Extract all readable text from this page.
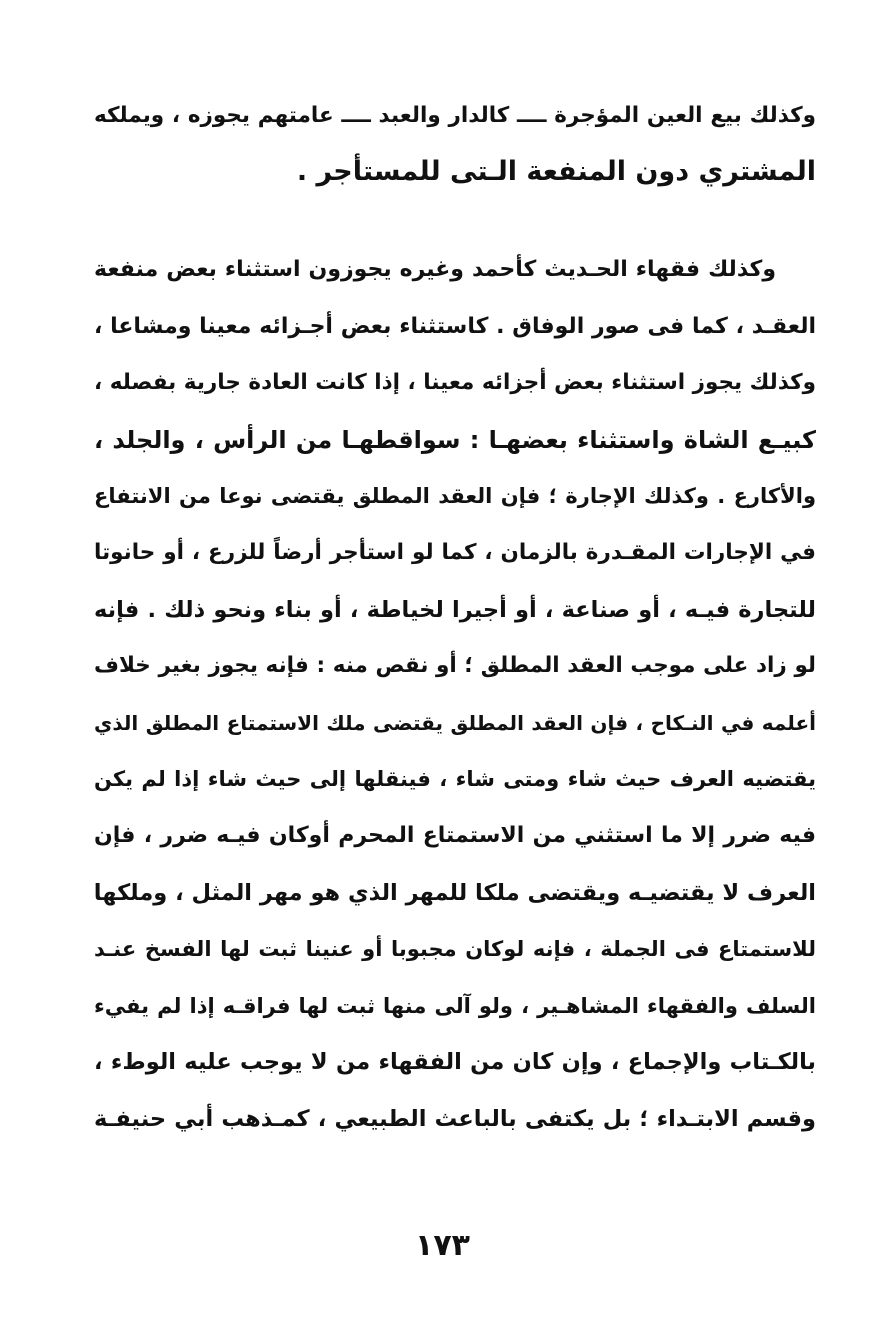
وكذلك بيع العين المؤجرة ــــ كالدار والعبد ــــ عامتهم يجوزه ، ويملكه
المشتري دون المنفعة الـتى للمستأجر .
وكذلك فقهاء الحـديث كأحمد وغيره يجوزون استثناء بعض منفعة
العقـد ، كما فى صور الوفاق . كاستثناء بعض أجـزائه معينا ومشاعا ،
وكذلك يجوز استثناء بعض أجزائه معينا ، إذا كانت العادة جارية بفصله ،
كبيـع الشاة واستثناء بعضهـا : سواقطهـا من الرأس ، والجلد ،
والأكارع . وكذلك الإجارة ؛ فإن العقد المطلق يقتضى نوعا من الانتفاع
في الإجارات المقـدرة بالزمان ، كما لو استأجر أرضاً للزرع ، أو حانوتا
للتجارة فيـه ، أو صناعة ، أو أجيرا لخياطة ، أو بناء ونحو ذلك . فإنه
لو زاد على موجب العقد المطلق ؛ أو نقص منه : فإنه يجوز بغير خلاف
أعلمه في النـكاح ، فإن العقد المطلق يقتضى ملك الاستمتاع المطلق الذي
يقتضيه العرف حيث شاء ومتى شاء ، فينقلها إلى حيث شاء إذا لم يكن
فيه ضرر إلا ما استثني من الاستمتاع المحرم أوكان فيـه ضرر ، فإن
العرف لا يقتضيـه ويقتضى ملكا للمهر الذي هو مهر المثل ، وملكها
للاستمتاع فى الجملة ، فإنه لوكان مجبوبا أو عنينا ثبت لها الفسخ عنـد
السلف والفقهاء المشاهـير ، ولو آلى منها ثبت لها فراقـه إذا لم يفيء
بالكـتاب والإجماع ، وإن كان من الفقهاء من لا يوجب عليه الوطء ،
وقسم الابتـداء ؛ بل يكتفى بالباعث الطبيعي ، كمـذهب أبي حنيفـة
١٧٣
